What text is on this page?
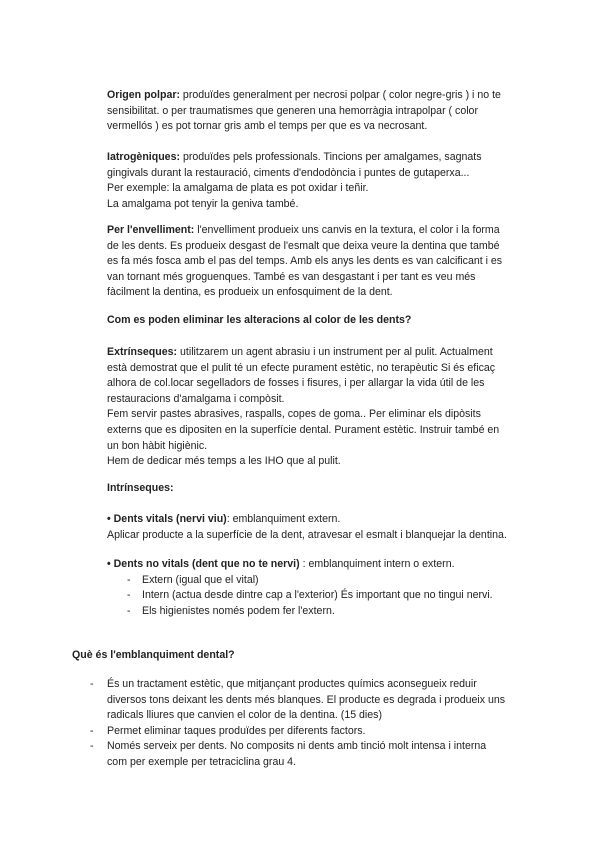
Origen polpar: produïdes generalment per necrosi polpar ( color negre-gris ) i no te
sensibilitat. o per traumatismes que generen una hemorràgia intrapolpar ( color
vermellós ) es pot tornar gris amb el temps per que es va necrosant.

Iatrogèniques: produïdes pels professionals. Tincions per amalgames, sagnats
gingivals durant la restauració, ciments d'endodòncia i puntes de gutaperxa...
Per exemple: la amalgama de plata es pot oxidar i teñir.
La amalgama pot tenyir la geniva també.

Per l'envelliment: l'envelliment produeix uns canvis en la textura, el color i la forma
de les dents. Es produeix desgast de l'esmalt que deixa veure la dentina que també
es fa més fosca amb el pas del temps. Amb els anys les dents es van calcificant i es
van tornant més groguenques. També es van desgastant i per tant es veu més
fàcilment la dentina, es produeix un enfosquiment de la dent.

Com es poden eliminar les alteracions al color de les dents?

Extrínseques: utilitzarem un agent abrasiu i un instrument per al pulit. Actualment
està demostrat que el pulit té un efecte purament estètic, no terapèutic Si és eficaç
alhora de col.locar segelladors de fosses i fisures, i per allargar la vida útil de les
restauracions d'amalgama i compòsit.
Fem servir pastes abrasives, raspalls, copes de goma.. Per eliminar els dipòsits
externs que es dipositen en la superfície dental. Purament estètic. Instruir també en
un bon hàbit higiènic.
Hem de dedicar més temps a les IHO que al pulit.

Intrínseques:

• Dents vitals (nervi viu): emblanquiment extern.
Aplicar producte a la superfície de la dent, atravesar el esmalt i blanquejar la dentina.

• Dents no vitals (dent que no te nervi) : emblanquiment intern o extern.

- Extern (igual que el vital)
- Intern (actua desde dintre cap a l'exterior) És important que no tingui nervi.
- Els higienistes només podem fer l'extern.
Què és l'emblanquiment dental?
- És un tractament estètic, que mitjançant productes químics aconsegueix reduir
diversos tons deixant les dents més blanques. El producte es degrada i produeix uns
radicals lliures que canvien el color de la dentina. (15 dies)
- Permet eliminar taques produïdes per diferents factors.
- Només serveix per dents. No composits ni dents amb tinció molt intensa i interna
com per exemple per tetraciclina grau 4.
